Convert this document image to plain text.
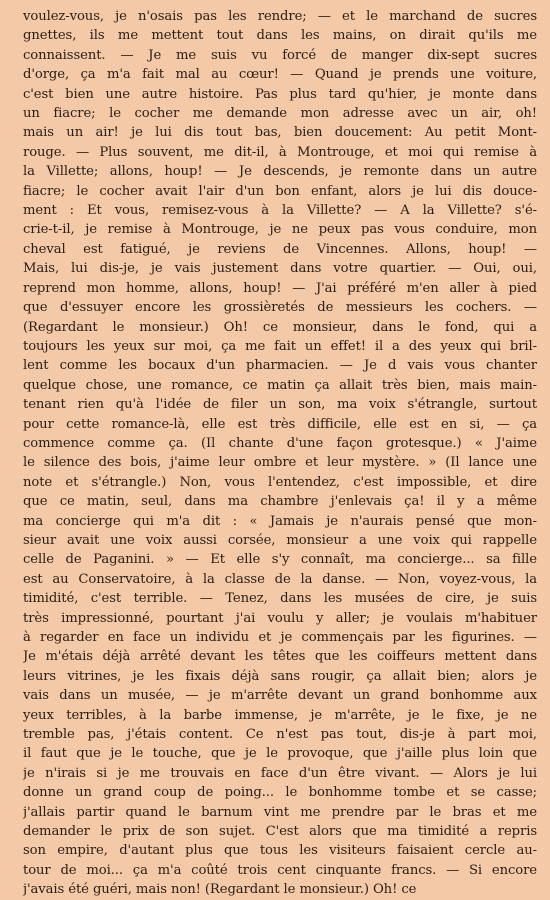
voulez-vous, je n'osais pas les rendre; — et le marchand de sucres
gnettes, ils me mettent tout dans les mains, on dirait qu'ils me
connaissent. — Je me suis vu forcé de manger dix-sept sucres
d'orge, ça m'a fait mal au cœur! — Quand je prends une voiture,
c'est bien une autre histoire. Pas plus tard qu'hier, je monte dans
un fiacre; le cocher me demande mon adresse avec un air, oh!
mais un air! je lui dis tout bas, bien doucement: Au petit Mont-
rouge. — Plus souvent, me dit-il, à Montrouge, et moi qui remise à
la Villette; allons, houp! — Je descends, je remonte dans un autre
fiacre; le cocher avait l'air d'un bon enfant, alors je lui dis douce-
ment : Et vous, remisez-vous à la Villette? — A la Villette? s'é-
crie-t-il, je remise à Montrouge, je ne peux pas vous conduire, mon
cheval est fatigué, je reviens de Vincennes. Allons, houp! —
Mais, lui dis-je, je vais justement dans votre quartier. — Oui, oui,
reprend mon homme, allons, houp! — J'ai préféré m'en aller à pied
que d'essuyer encore les grossièretés de messieurs les cochers. —
(Regardant le monsieur.) Oh! ce monsieur, dans le fond, qui a
toujours les yeux sur moi, ça me fait un effet! il a des yeux qui bril-
lent comme les bocaux d'un pharmacien. — Je d vais vous chanter
quelque chose, une romance, ce matin ça allait très bien, mais main-
tenant rien qu'à l'idée de filer un son, ma voix s'étrangle, surtout
pour cette romance-là, elle est très difficile, elle est en si, — ça
commence comme ça. (Il chante d'une façon grotesque.) « J'aime
le silence des bois, j'aime leur ombre et leur mystère. » (Il lance une
note et s'étrangle.) Non, vous l'entendez, c'est impossible, et dire
que ce matin, seul, dans ma chambre j'enlevais ça! il y a même
ma concierge qui m'a dit : « Jamais je n'aurais pensé que mon-
sieur avait une voix aussi corsée, monsieur a une voix qui rappelle
celle de Paganini. » — Et elle s'y connaît, ma concierge... sa fille
est au Conservatoire, à la classe de la danse. — Non, voyez-vous, la
timidité, c'est terrible. — Tenez, dans les musées de cire, je suis
très impressionné, pourtant j'ai voulu y aller; je voulais m'habituer
à regarder en face un individu et je commençais par les figurines. —
Je m'étais déjà arrêté devant les têtes que les coiffeurs mettent dans
leurs vitrines, je les fixais déjà sans rougir, ça allait bien; alors je
vais dans un musée, — je m'arrête devant un grand bonhomme aux
yeux terribles, à la barbe immense, je m'arrête, je le fixe, je ne
tremble pas, j'étais content. Ce n'est pas tout, dis-je à part moi,
il faut que je le touche, que je le provoque, que j'aille plus loin que
je n'irais si je me trouvais en face d'un être vivant. — Alors je lui
donne un grand coup de poing... le bonhomme tombe et se casse;
j'allais partir quand le barnum vint me prendre par le bras et me
demander le prix de son sujet. C'est alors que ma timidité a repris
son empire, d'autant plus que tous les visiteurs faisaient cercle au-
tour de moi... ça m'a coûté trois cent cinquante francs. — Si encore
j'avais été guéri, mais non! (Regardant le monsieur.) Oh! ce
